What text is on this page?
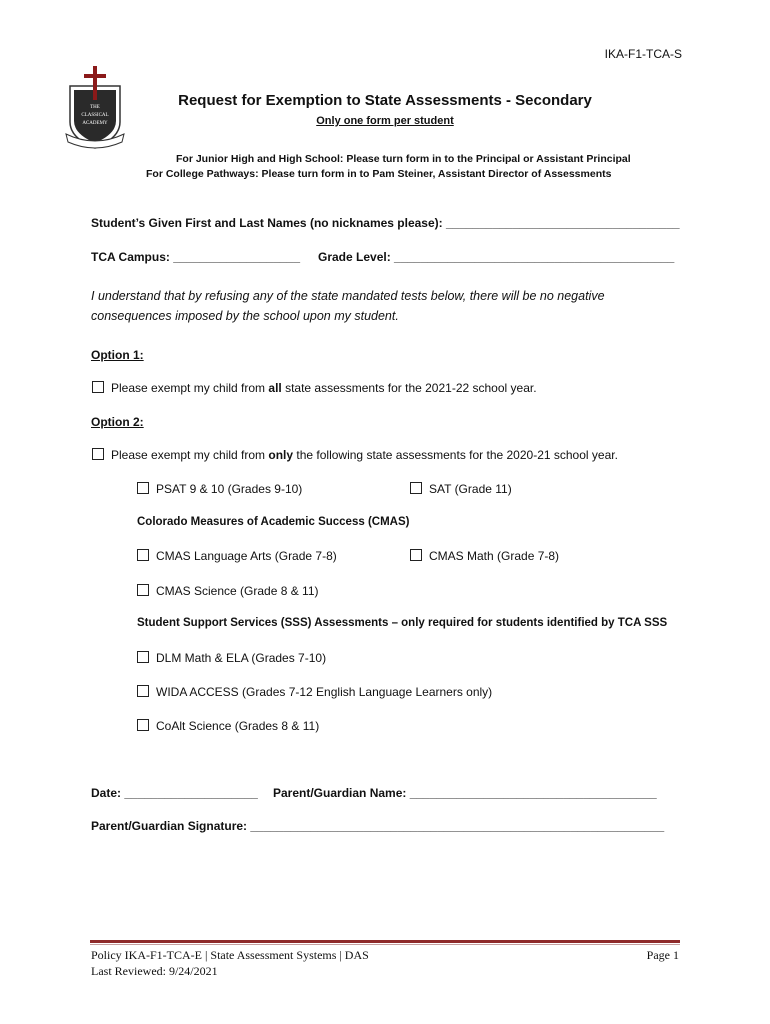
IKA-F1-TCA-S
THE
CLASSICAL
ACADEMY
Request for Exemption to State Assessments - Secondary
Only one form per student
For Junior High and High School: Please turn form in to the Principal or Assistant Principal
For College Pathways: Please turn form in to Pam Steiner, Assistant Director of Assessments
Student’s Given First and Last Names (no nicknames please): ___________________________________
TCA Campus: ___________________ Grade Level: __________________________________________
I understand that by refusing any of the state mandated tests below, there will be no negative consequences imposed by the school upon my student.
Option 1:
Please exempt my child from all state assessments for the 2021-22 school year.
Option 2:
Please exempt my child from only the following state assessments for the 2020-21 school year.
PSAT 9 & 10 (Grades 9-10)	SAT (Grade 11)
Colorado Measures of Academic Success (CMAS)
CMAS Language Arts (Grade 7-8)	CMAS Math (Grade 7-8)
CMAS Science (Grade 8 & 11)
Student Support Services (SSS) Assessments – only required for students identified by TCA SSS
DLM Math & ELA (Grades 7-10)
WIDA ACCESS (Grades 7-12 English Language Learners only)
CoAlt Science (Grades 8 & 11)
Date: ____________________ Parent/Guardian Name: _____________________________________
Parent/Guardian Signature: ______________________________________________________________
Policy IKA-F1-TCA-E | State Assessment Systems | DAS
Last Reviewed: 9/24/2021
Page 1
